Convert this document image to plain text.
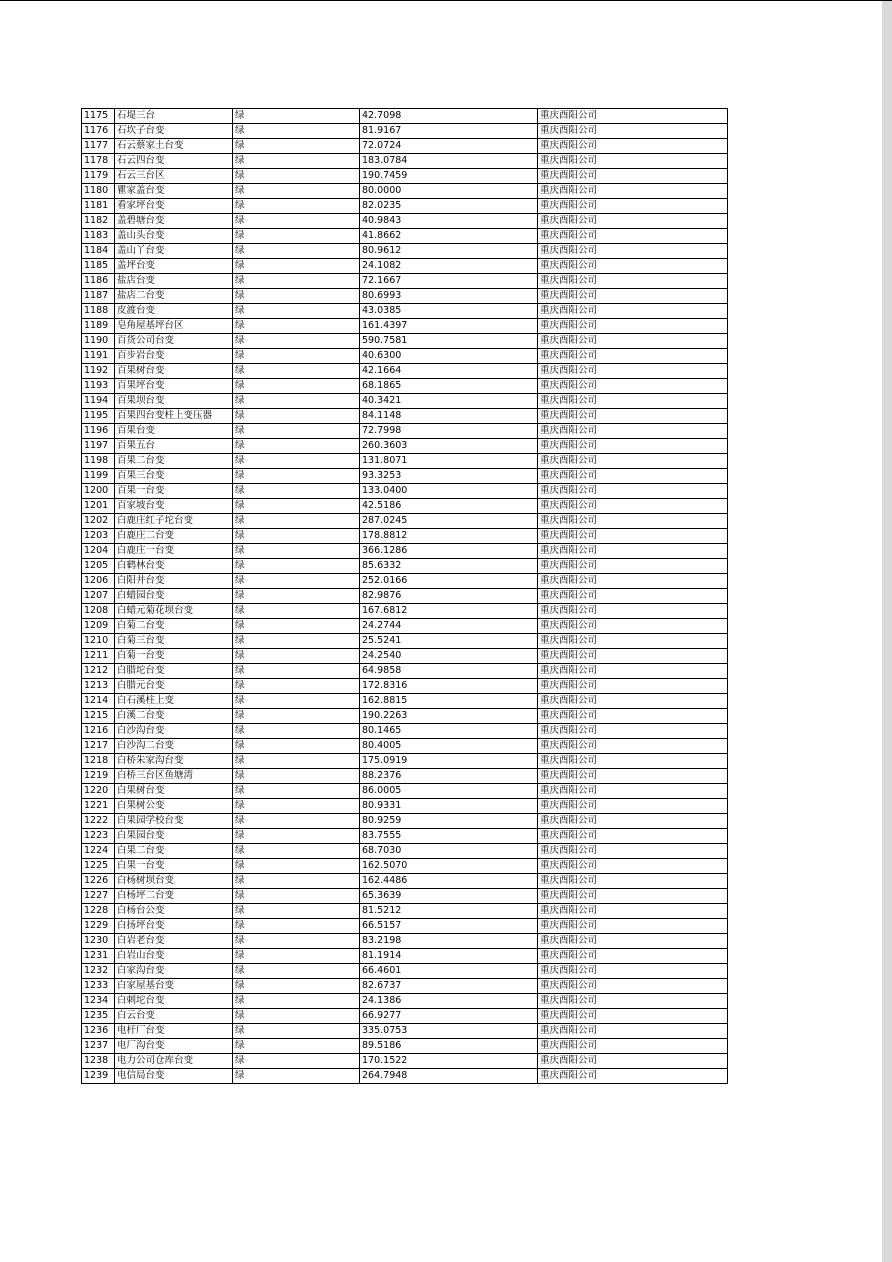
1175	石堤三台	绿	42.7098	重庆酉阳公司
1176	石坎子台变	绿	81.9167	重庆酉阳公司
1177	石云蔡家土台变	绿	72.0724	重庆酉阳公司
1178	石云四台变	绿	183.0784	重庆酉阳公司
1179	石云三台区	绿	190.7459	重庆酉阳公司
1180	瞿家盖台变	绿	80.0000	重庆酉阳公司
1181	看家坪台变	绿	82.0235	重庆酉阳公司
1182	盖碧塘台变	绿	40.9843	重庆酉阳公司
1183	盖山头台变	绿	41.8662	重庆酉阳公司
1184	盖山丫台变	绿	80.9612	重庆酉阳公司
1185	盖坪台变	绿	24.1082	重庆酉阳公司
1186	盐店台变	绿	72.1667	重庆酉阳公司
1187	盐店二台变	绿	80.6993	重庆酉阳公司
1188	皮渡台变	绿	43.0385	重庆酉阳公司
1189	皂角屋基坪台区	绿	161.4397	重庆酉阳公司
1190	百货公司台变	绿	590.7581	重庆酉阳公司
1191	百步岩台变	绿	40.6300	重庆酉阳公司
1192	百果树台变	绿	42.1664	重庆酉阳公司
1193	百果坪台变	绿	68.1865	重庆酉阳公司
1194	百果坝台变	绿	40.3421	重庆酉阳公司
1195	百果四台变柱上变压器	绿	84.1148	重庆酉阳公司
1196	百果台变	绿	72.7998	重庆酉阳公司
1197	百果五台	绿	260.3603	重庆酉阳公司
1198	百果二台变	绿	131.8071	重庆酉阳公司
1199	百果三台变	绿	93.3253	重庆酉阳公司
1200	百果一台变	绿	133.0400	重庆酉阳公司
1201	百家坡台变	绿	42.5186	重庆酉阳公司
1202	白鹿庄红子坨台变	绿	287.0245	重庆酉阳公司
1203	白鹿庄二台变	绿	178.8812	重庆酉阳公司
1204	白鹿庄一台变	绿	366.1286	重庆酉阳公司
1205	白鹤林台变	绿	85.6332	重庆酉阳公司
1206	白阳井台变	绿	252.0166	重庆酉阳公司
1207	白蜡园台变	绿	82.9876	重庆酉阳公司
1208	白蜡元菊花坝台变	绿	167.6812	重庆酉阳公司
1209	白菊二台变	绿	24.2744	重庆酉阳公司
1210	白菊三台变	绿	25.5241	重庆酉阳公司
1211	白菊一台变	绿	24.2540	重庆酉阳公司
1212	白腊坨台变	绿	64.9858	重庆酉阳公司
1213	白腊元台变	绿	172.8316	重庆酉阳公司
1214	白石溪柱上变	绿	162.8815	重庆酉阳公司
1215	白溪二台变	绿	190.2263	重庆酉阳公司
1216	白沙沟台变	绿	80.1465	重庆酉阳公司
1217	白沙沟二台变	绿	80.4005	重庆酉阳公司
1218	白桥朱家沟台变	绿	175.0919	重庆酉阳公司
1219	白桥三台区鱼塘湾	绿	88.2376	重庆酉阳公司
1220	白果树台变	绿	86.0005	重庆酉阳公司
1221	白果树公变	绿	80.9331	重庆酉阳公司
1222	白果园学校台变	绿	80.9259	重庆酉阳公司
1223	白果园台变	绿	83.7555	重庆酉阳公司
1224	白果二台变	绿	68.7030	重庆酉阳公司
1225	白果一台变	绿	162.5070	重庆酉阳公司
1226	白杨树坝台变	绿	162.4486	重庆酉阳公司
1227	白杨坪二台变	绿	65.3639	重庆酉阳公司
1228	白杨台公变	绿	81.5212	重庆酉阳公司
1229	白扬坪台变	绿	66.5157	重庆酉阳公司
1230	白岩老台变	绿	83.2198	重庆酉阳公司
1231	白岩山台变	绿	81.1914	重庆酉阳公司
1232	白家沟台变	绿	66.4601	重庆酉阳公司
1233	白家屋基台变	绿	82.6737	重庆酉阳公司
1234	白刺坨台变	绿	24.1386	重庆酉阳公司
1235	白云台变	绿	66.9277	重庆酉阳公司
1236	电杆厂台变	绿	335.0753	重庆酉阳公司
1237	电厂沟台变	绿	89.5186	重庆酉阳公司
1238	电力公司仓库台变	绿	170.1522	重庆酉阳公司
1239	电信局台变	绿	264.7948	重庆酉阳公司
